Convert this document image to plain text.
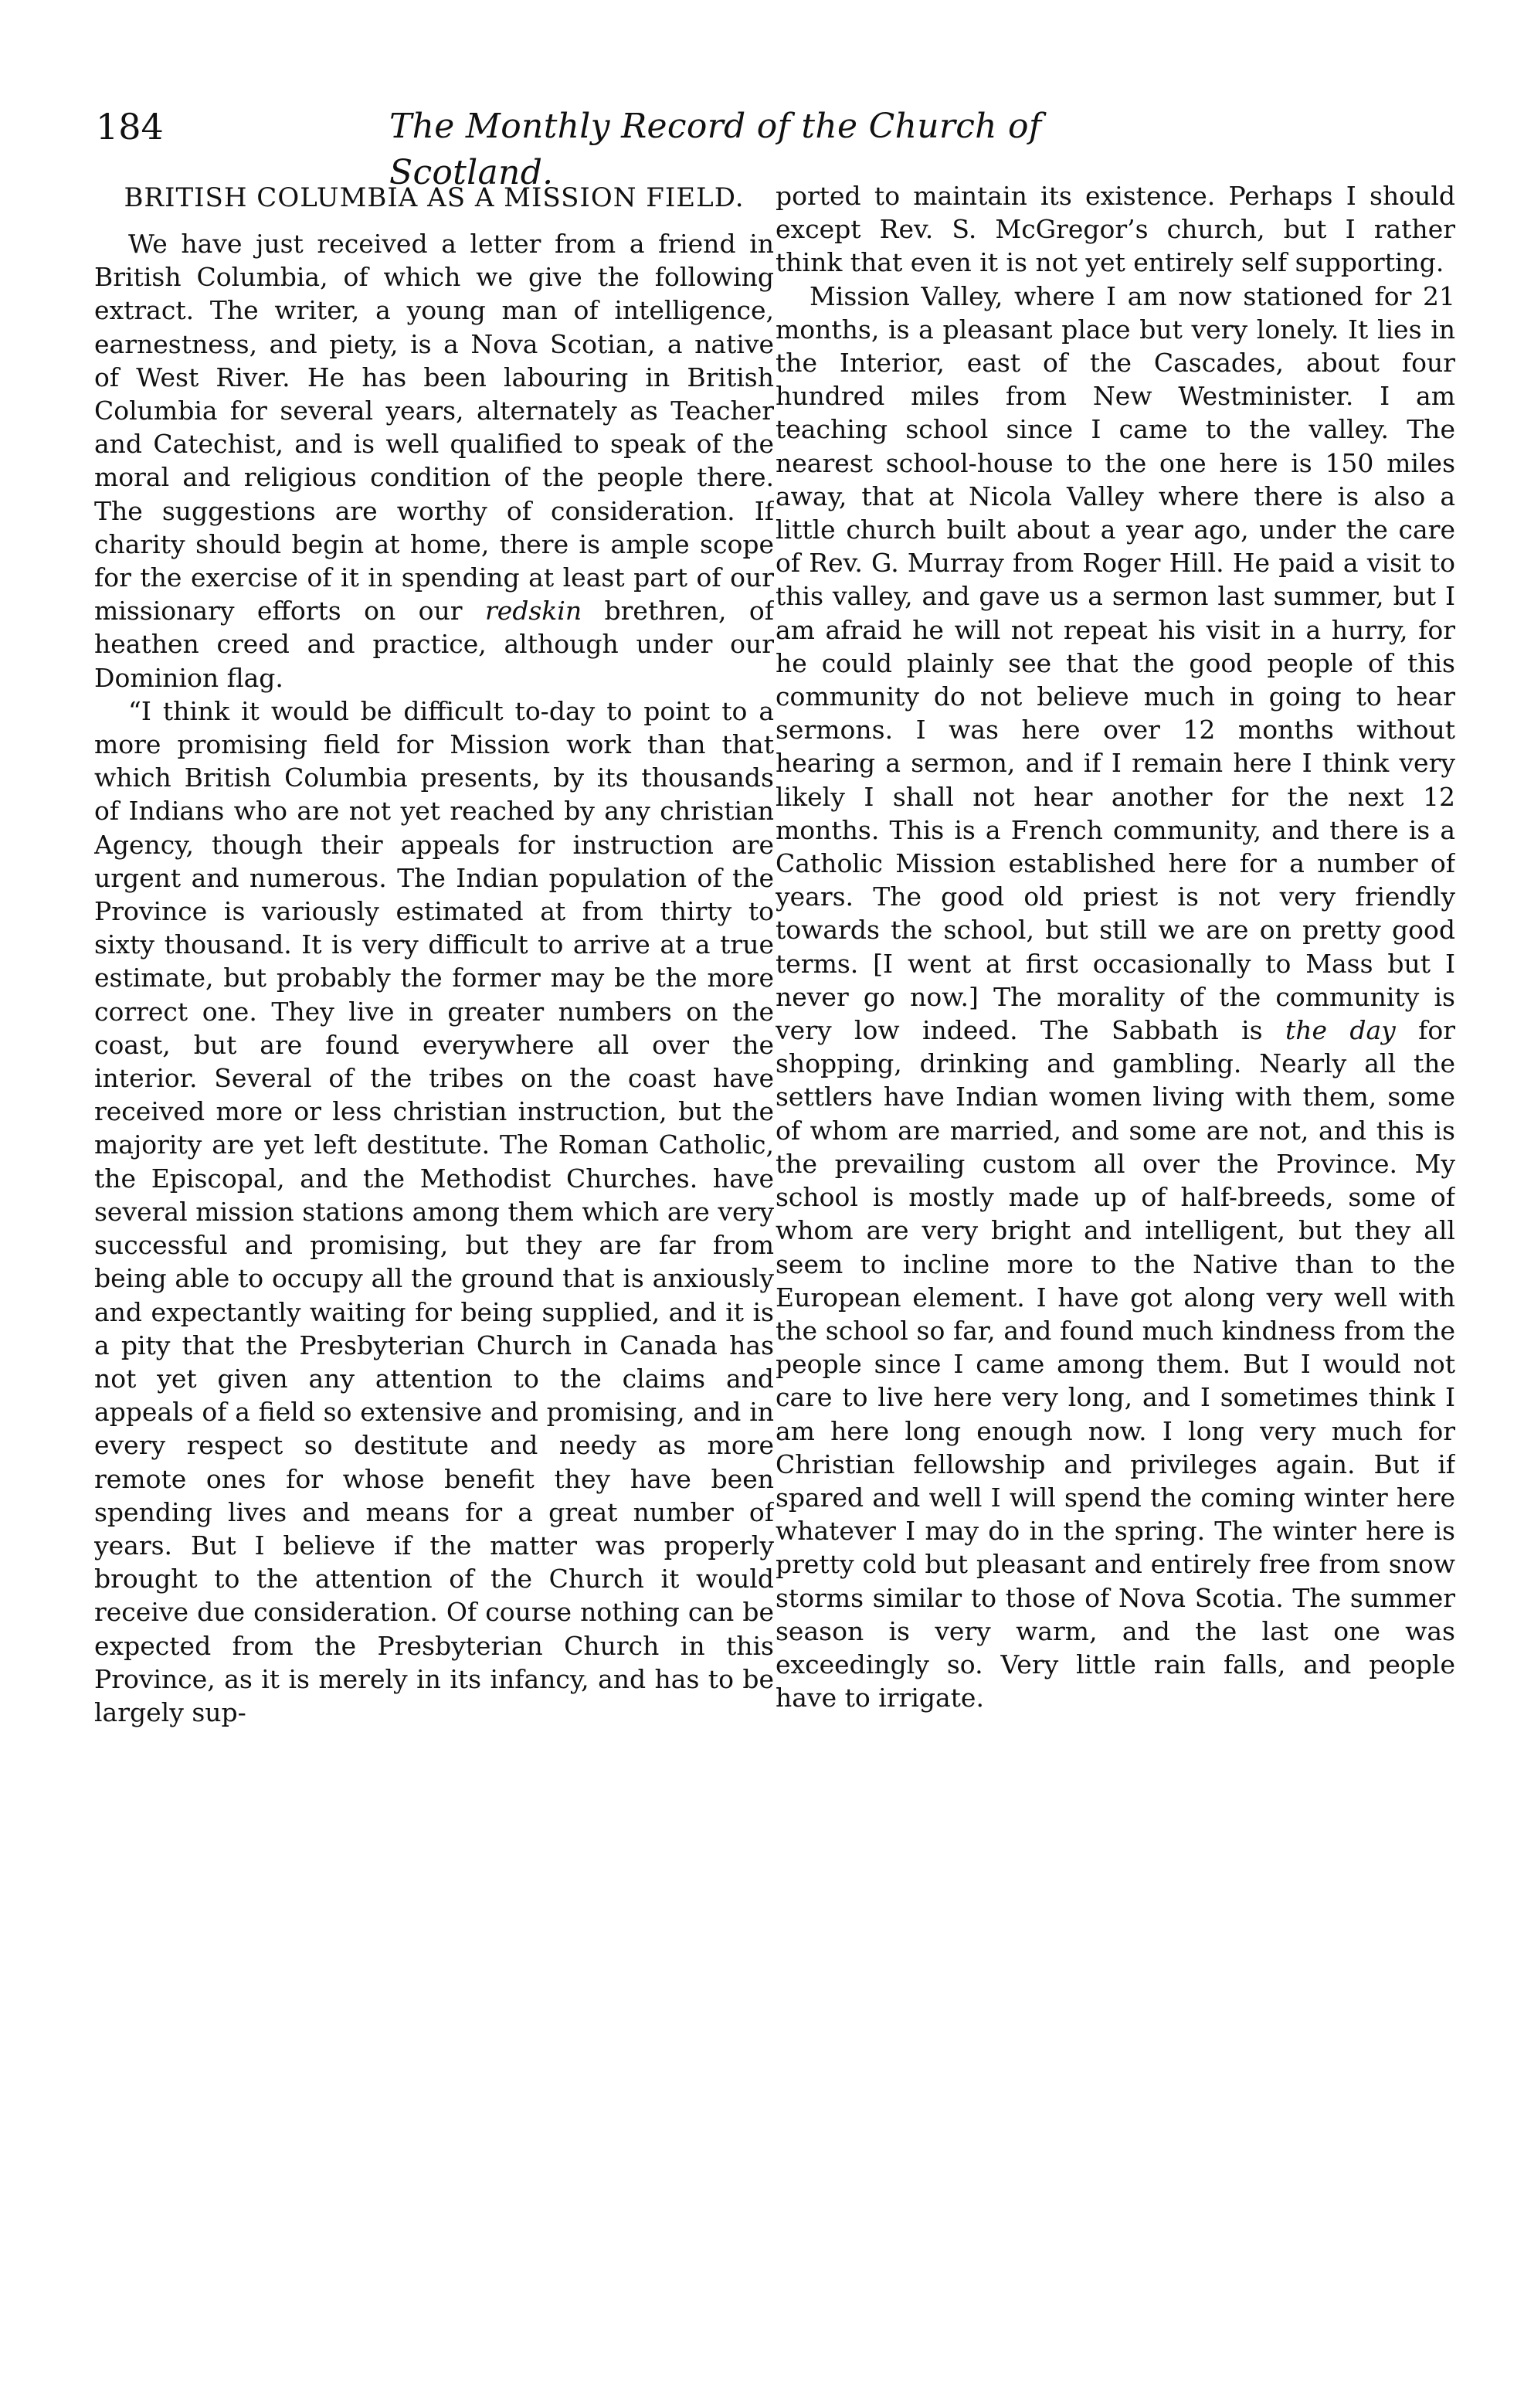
184	The Monthly Record of the Church of Scotland.
BRITISH COLUMBIA AS A MISSION FIELD.

We have just received a letter from a friend in British Columbia, of which we give the following extract. The writer, a young man of intelligence, earnestness, and piety, is a Nova Scotian, a native of West River. He has been labouring in British Columbia for several years, alternately as Teacher and Catechist, and is well qualified to speak of the moral and religious condition of the people there. The suggestions are worthy of consideration. If charity should begin at home, there is ample scope for the exercise of it in spending at least part of our missionary efforts on our redskin brethren, of heathen creed and practice, although under our Dominion flag.

“I think it would be difficult to-day to point to a more promising field for Mission work than that which British Columbia presents, by its thousands of Indians who are not yet reached by any christian Agency, though their appeals for instruction are urgent and numerous. The Indian population of the Province is variously estimated at from thirty to sixty thousand. It is very difficult to arrive at a true estimate, but probably the former may be the more correct one. They live in greater numbers on the coast, but are found everywhere all over the interior. Several of the tribes on the coast have received more or less christian instruction, but the majority are yet left destitute. The Roman Catholic, the Episcopal, and the Methodist Churches. have several mission stations among them which are very successful and promising, but they are far from being able to occupy all the ground that is anxiously and expectantly waiting for being supplied, and it is a pity that the Presbyterian Church in Canada has not yet given any attention to the claims and appeals of a field so extensive and promising, and in every respect so destitute and needy as more remote ones for whose benefit they have been spending lives and means for a great number of years. But I believe if the matter was properly brought to the attention of the Church it would receive due consideration. Of course nothing can be expected from the Presbyterian Church in this Province, as it is merely in its infancy, and has to be largely sup-

ported to maintain its existence. Perhaps I should except Rev. S. McGregor’s church, but I rather think that even it is not yet entirely self supporting.

Mission Valley, where I am now stationed for 21 months, is a pleasant place but very lonely. It lies in the Interior, east of the Cascades, about four hundred miles from New Westminister. I am teaching school since I came to the valley. The nearest school-house to the one here is 150 miles away, that at Nicola Valley where there is also a little church built about a year ago, under the care of Rev. G. Murray from Roger Hill. He paid a visit to this valley, and gave us a sermon last summer, but I am afraid he will not repeat his visit in a hurry, for he could plainly see that the good people of this community do not believe much in going to hear sermons. I was here over 12 months without hearing a sermon, and if I remain here I think very likely I shall not hear another for the next 12 months. This is a French community, and there is a Catholic Mission established here for a number of years. The good old priest is not very friendly towards the school, but still we are on pretty good terms. [I went at first occasionally to Mass but I never go now.] The morality of the community is very low indeed. The Sabbath is the day for shopping, drinking and gambling. Nearly all the settlers have Indian women living with them, some of whom are married, and some are not, and this is the prevailing custom all over the Province. My school is mostly made up of half-breeds, some of whom are very bright and intelligent, but they all seem to incline more to the Native than to the European element. I have got along very well with the school so far, and found much kindness from the people since I came among them. But I would not care to live here very long, and I sometimes think I am here long enough now. I long very much for Christian fellowship and privileges again. But if spared and well I will spend the coming winter here whatever I may do in the spring. The winter here is pretty cold but pleasant and entirely free from snow storms similar to those of Nova Scotia. The summer season is very warm, and the last one was exceedingly so. Very little rain falls, and people have to irrigate.
